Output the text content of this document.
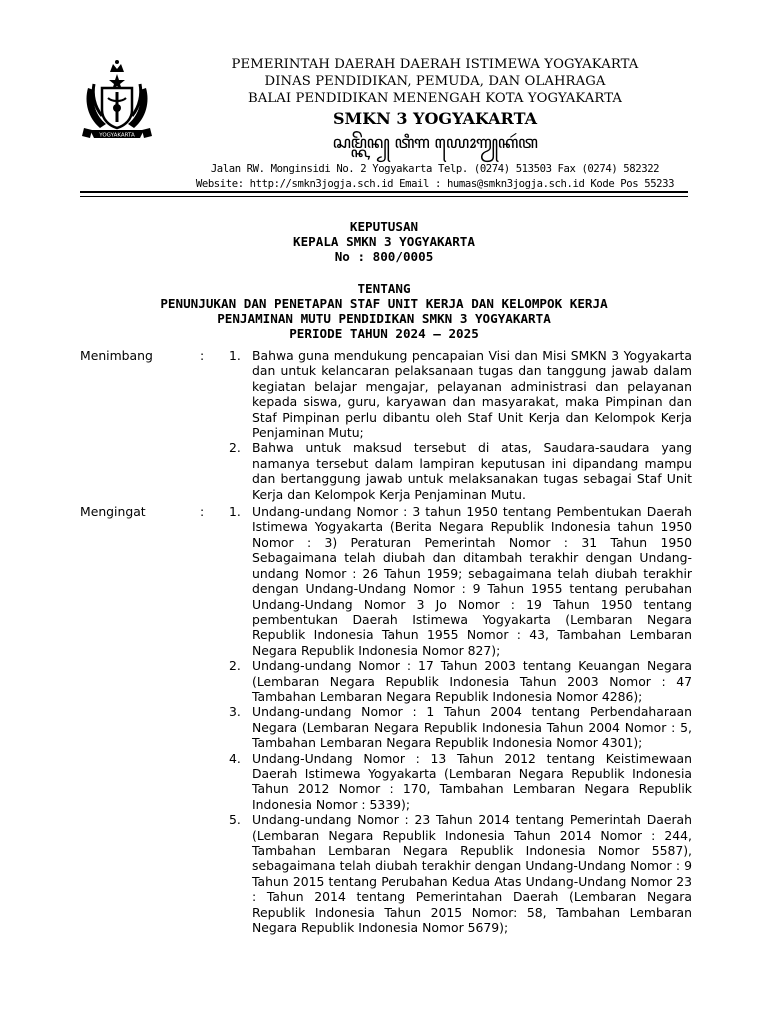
YOGYAKARTA
PEMERINTAH DAERAH DAERAH ISTIMEWA YOGYAKARTA
DINAS PENDIDIKAN, PEMUDA, DAN OLAHRAGA
BALAI PENDIDIKAN MENENGAH KOTA YOGYAKARTA
SMKN 3 YOGYAKARTA
ꦱꦩ꧀ꦏꦼꦤ꧀ ꦠꦶꦒ ꦪꦺꦴꦒꦾꦏꦂꦠ
Jalan RW. Monginsidi No. 2 Yogyakarta Telp. (0274) 513503 Fax (0274) 582322
Website: http://smkn3jogja.sch.id Email : humas@smkn3jogja.sch.id Kode Pos 55233
KEPUTUSAN
KEPALA SMKN 3 YOGYAKARTA
No : 800/0005
TENTANG
PENUNJUKAN DAN PENETAPAN STAF UNIT KERJA DAN KELOMPOK KERJA
PENJAMINAN MUTU PENDIDIKAN SMKN 3 YOGYAKARTA
PERIODE TAHUN 2024 – 2025
Menimbang	:	1. Bahwa guna mendukung pencapaian Visi dan Misi SMKN 3 Yogyakarta dan untuk kelancaran pelaksanaan tugas dan tanggung jawab dalam kegiatan belajar mengajar, pelayanan administrasi dan pelayanan kepada siswa, guru, karyawan dan masyarakat, maka Pimpinan dan Staf Pimpinan perlu dibantu oleh Staf Unit Kerja dan Kelompok Kerja Penjaminan Mutu;
2. Bahwa untuk maksud tersebut di atas, Saudara-saudara yang namanya tersebut dalam lampiran keputusan ini dipandang mampu dan bertanggung jawab untuk melaksanakan tugas sebagai Staf Unit Kerja dan Kelompok Kerja Penjaminan Mutu.
Mengingat	:	1. Undang-undang Nomor : 3 tahun 1950 tentang Pembentukan Daerah Istimewa Yogyakarta (Berita Negara Republik Indonesia tahun 1950 Nomor : 3) Peraturan Pemerintah Nomor : 31 Tahun 1950 Sebagaimana telah diubah dan ditambah terakhir dengan Undang-undang Nomor : 26 Tahun 1959; sebagaimana telah diubah terakhir dengan Undang-Undang Nomor : 9 Tahun 1955 tentang perubahan Undang-Undang Nomor 3 Jo Nomor : 19 Tahun 1950 tentang pembentukan Daerah Istimewa Yogyakarta (Lembaran Negara Republik Indonesia Tahun 1955 Nomor : 43, Tambahan Lembaran Negara Republik Indonesia Nomor 827);
2. Undang-undang Nomor : 17 Tahun 2003 tentang Keuangan Negara (Lembaran Negara Republik Indonesia Tahun 2003 Nomor : 47 Tambahan Lembaran Negara Republik Indonesia Nomor 4286);
3. Undang-undang Nomor : 1 Tahun 2004 tentang Perbendaharaan Negara (Lembaran Negara Republik Indonesia Tahun 2004 Nomor : 5, Tambahan Lembaran Negara Republik Indonesia Nomor 4301);
4. Undang-Undang Nomor : 13 Tahun 2012 tentang Keistimewaan Daerah Istimewa Yogyakarta (Lembaran Negara Republik Indonesia Tahun 2012 Nomor : 170, Tambahan Lembaran Negara Republik Indonesia Nomor : 5339);
5. Undang-undang Nomor : 23 Tahun 2014 tentang Pemerintah Daerah (Lembaran Negara Republik Indonesia Tahun 2014 Nomor : 244, Tambahan Lembaran Negara Republik Indonesia Nomor 5587), sebagaimana telah diubah terakhir dengan Undang-Undang Nomor : 9 Tahun 2015 tentang Perubahan Kedua Atas Undang-Undang Nomor 23 : Tahun 2014 tentang Pemerintahan Daerah (Lembaran Negara Republik Indonesia Tahun 2015 Nomor: 58, Tambahan Lembaran Negara Republik Indonesia Nomor 5679);
